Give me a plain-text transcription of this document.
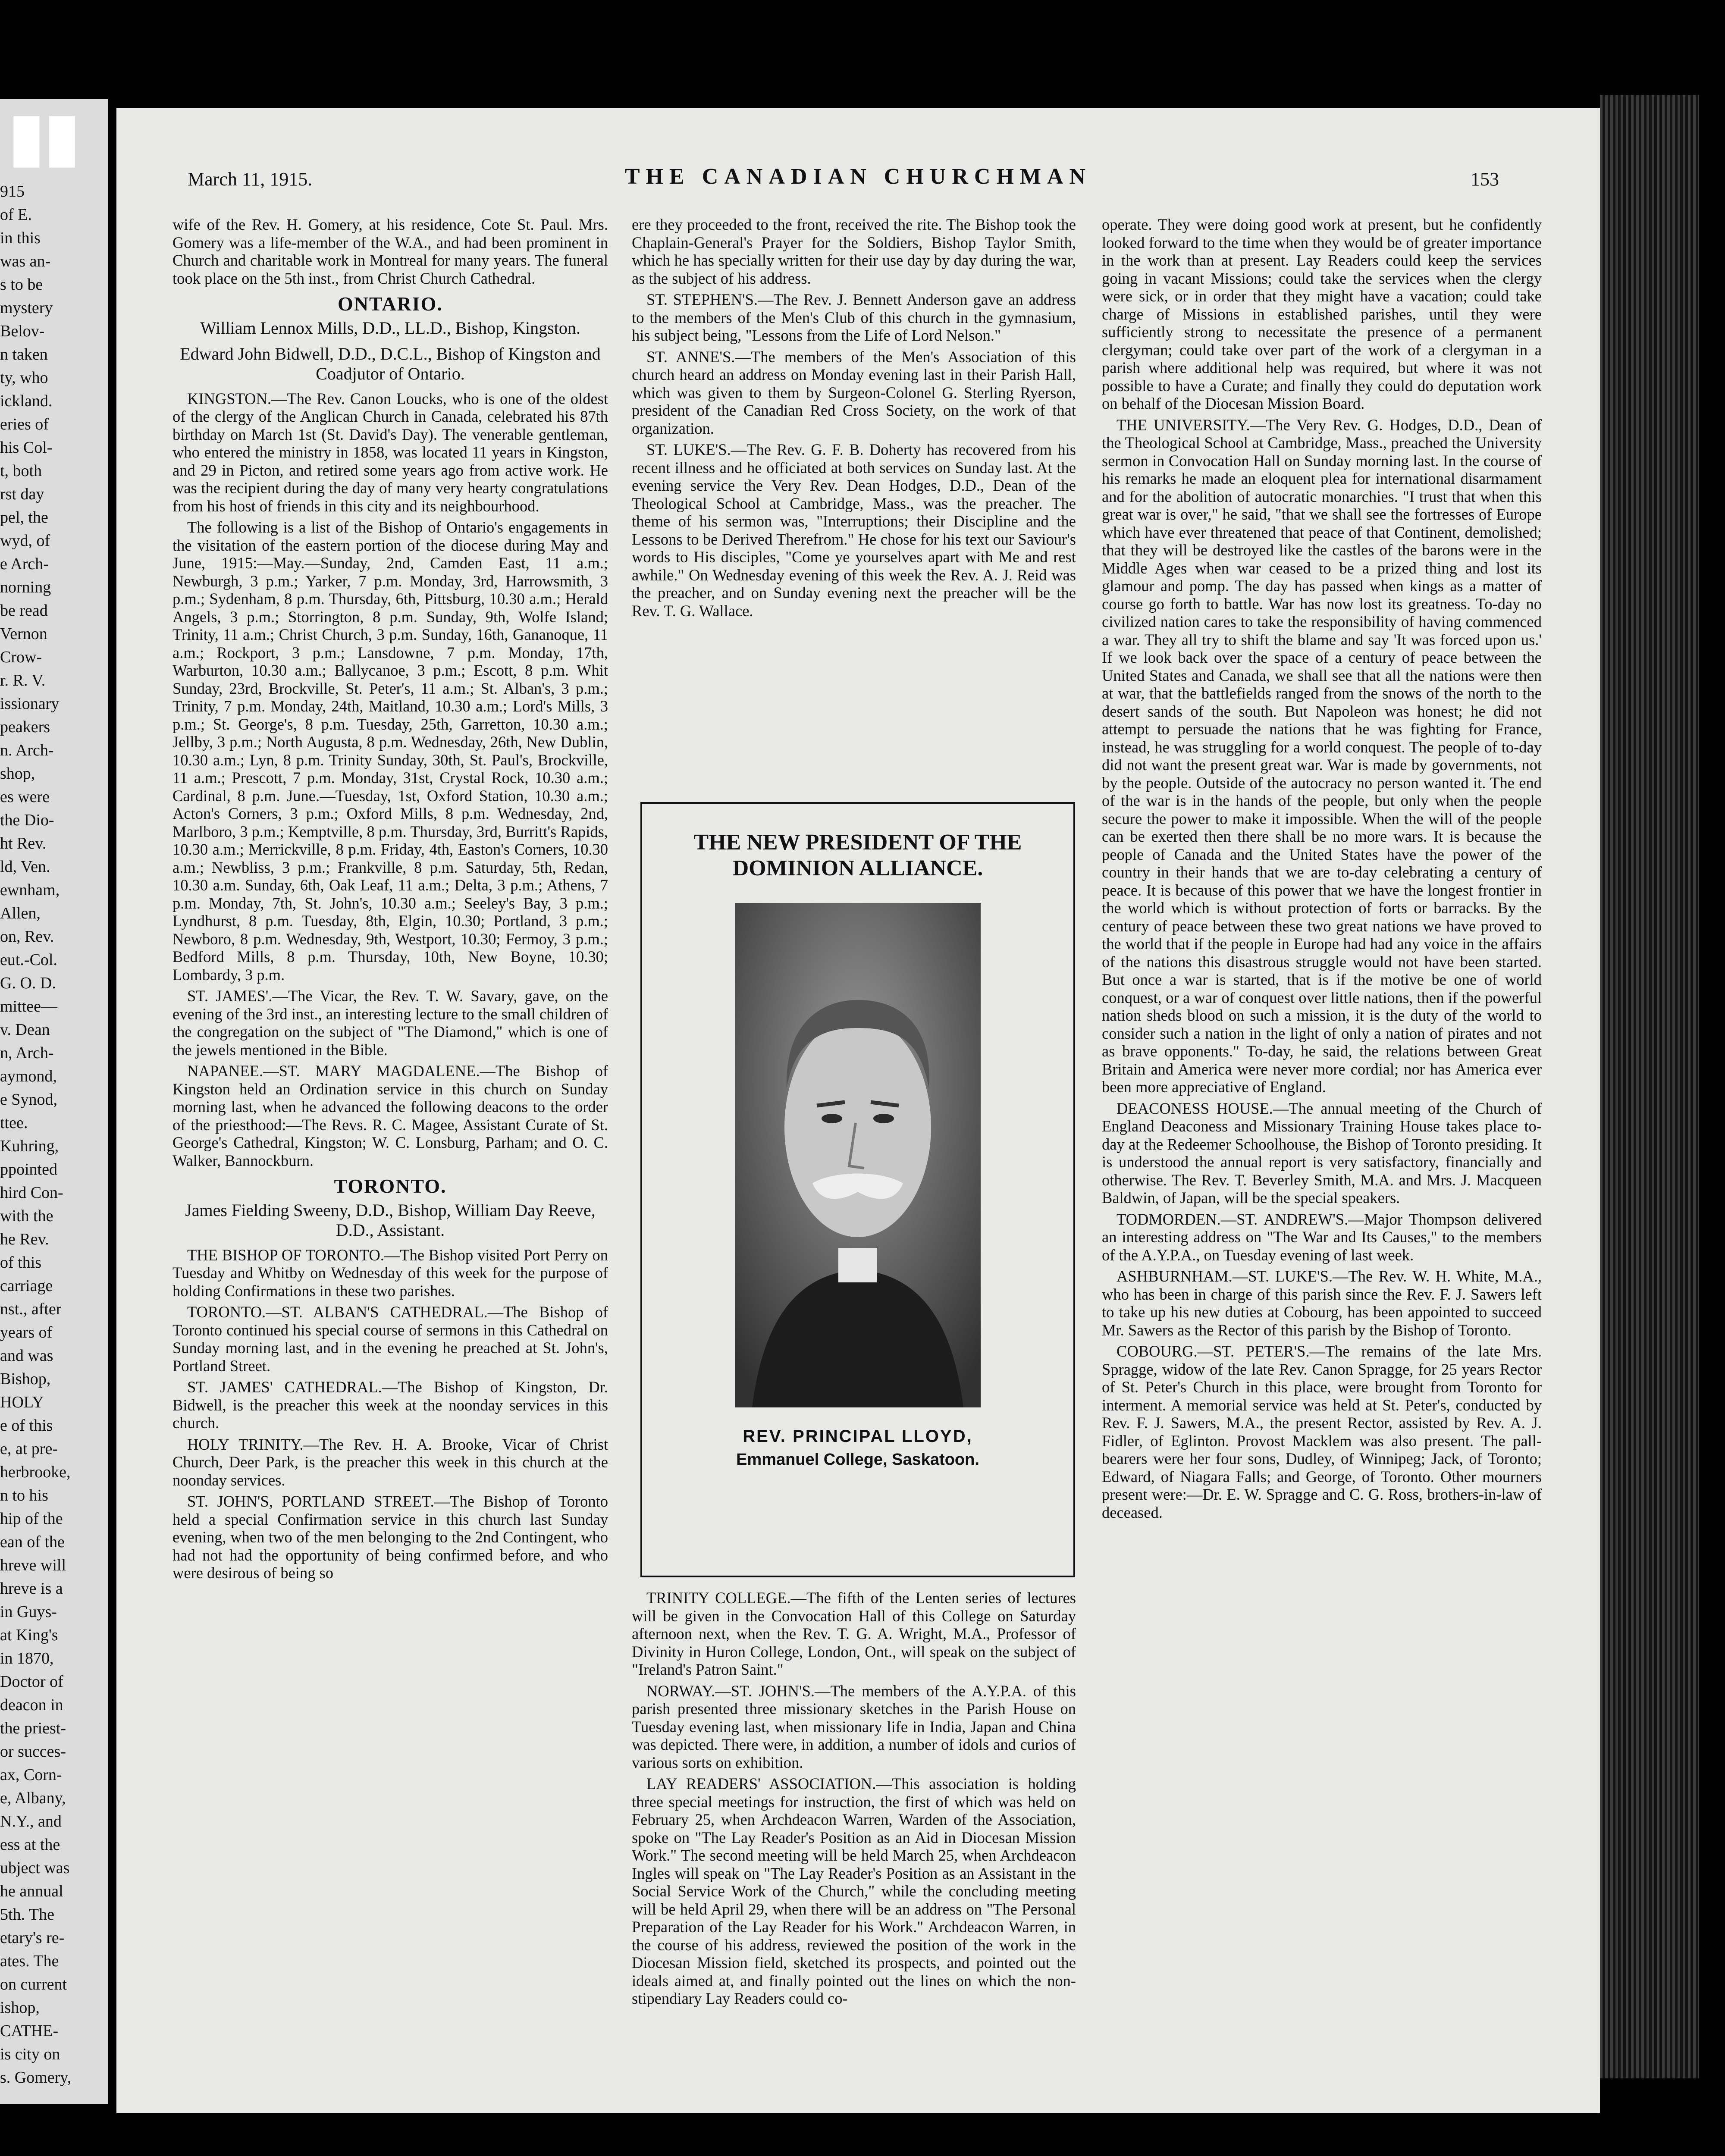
915
of E.
in this
was an-
s to be
mystery
Belov-
n taken
ty, who
ickland.
eries of
his Col-
t, both
rst day
pel, the
wyd, of
e Arch-
norning
be read
Vernon
Crow-
r. R. V.
issionary
peakers
n. Arch-
shop,
es were
the Dio-
ht Rev.
ld, Ven.
ewnham,
Allen,
on, Rev.
eut.-Col.
G. O. D.
mittee—
v. Dean
n, Arch-
aymond,
e Synod,
ttee.
Kuhring,
ppointed
hird Con-
with the
he Rev.
of this
carriage
nst., after
years of
and was
Bishop,
HOLY
e of this
e, at pre-
herbrooke,
n to his
hip of the
ean of the
hreve will
hreve is a
in Guys-
at King's
in 1870,
Doctor of
deacon in
the priest-
or succes-
ax, Corn-
e, Albany,
N.Y., and
ess at the
ubject was
he annual
5th. The
etary's re-
ates. The
on current
ishop,
CATHE-
is city on
s. Gomery,
▮▮
March 11, 1915.	THE CANADIAN CHURCHMAN	153

wife of the Rev. H. Gomery, at his residence, Cote St. Paul. Mrs. Gomery was a life-member of the W.A., and had been prominent in Church and charitable work in Montreal for many years. The funeral took place on the 5th inst., from Christ Church Cathedral.

ONTARIO.

William Lennox Mills, D.D., LL.D., Bishop, Kingston.

Edward John Bidwell, D.D., D.C.L., Bishop of Kingston and Coadjutor of Ontario.

KINGSTON.—The Rev. Canon Loucks, who is one of the oldest of the clergy of the Anglican Church in Canada, celebrated his 87th birthday on March 1st (St. David's Day). The venerable gentleman, who entered the ministry in 1858, was located 11 years in Kingston, and 29 in Picton, and retired some years ago from active work. He was the recipient during the day of many very hearty congratulations from his host of friends in this city and its neighbourhood.

The following is a list of the Bishop of Ontario's engagements in the visitation of the eastern portion of the diocese during May and June, 1915:—May.—Sunday, 2nd, Camden East, 11 a.m.; Newburgh, 3 p.m.; Yarker, 7 p.m. Monday, 3rd, Harrowsmith, 3 p.m.; Sydenham, 8 p.m. Thursday, 6th, Pittsburg, 10.30 a.m.; Herald Angels, 3 p.m.; Storrington, 8 p.m. Sunday, 9th, Wolfe Island; Trinity, 11 a.m.; Christ Church, 3 p.m. Sunday, 16th, Gananoque, 11 a.m.; Rockport, 3 p.m.; Lansdowne, 7 p.m. Monday, 17th, Warburton, 10.30 a.m.; Ballycanoe, 3 p.m.; Escott, 8 p.m. Whit Sunday, 23rd, Brockville, St. Peter's, 11 a.m.; St. Alban's, 3 p.m.; Trinity, 7 p.m. Monday, 24th, Maitland, 10.30 a.m.; Lord's Mills, 3 p.m.; St. George's, 8 p.m. Tuesday, 25th, Garretton, 10.30 a.m.; Jellby, 3 p.m.; North Augusta, 8 p.m. Wednesday, 26th, New Dublin, 10.30 a.m.; Lyn, 8 p.m. Trinity Sunday, 30th, St. Paul's, Brockville, 11 a.m.; Prescott, 7 p.m. Monday, 31st, Crystal Rock, 10.30 a.m.; Cardinal, 8 p.m. June.—Tuesday, 1st, Oxford Station, 10.30 a.m.; Acton's Corners, 3 p.m.; Oxford Mills, 8 p.m. Wednesday, 2nd, Marlboro, 3 p.m.; Kemptville, 8 p.m. Thursday, 3rd, Burritt's Rapids, 10.30 a.m.; Merrickville, 8 p.m. Friday, 4th, Easton's Corners, 10.30 a.m.; Newbliss, 3 p.m.; Frankville, 8 p.m. Saturday, 5th, Redan, 10.30 a.m. Sunday, 6th, Oak Leaf, 11 a.m.; Delta, 3 p.m.; Athens, 7 p.m. Monday, 7th, St. John's, 10.30 a.m.; Seeley's Bay, 3 p.m.; Lyndhurst, 8 p.m. Tuesday, 8th, Elgin, 10.30; Portland, 3 p.m.; Newboro, 8 p.m. Wednesday, 9th, Westport, 10.30; Fermoy, 3 p.m.; Bedford Mills, 8 p.m. Thursday, 10th, New Boyne, 10.30; Lombardy, 3 p.m.

ST. JAMES'.—The Vicar, the Rev. T. W. Savary, gave, on the evening of the 3rd inst., an interesting lecture to the small children of the congregation on the subject of "The Diamond," which is one of the jewels mentioned in the Bible.

NAPANEE.—ST. MARY MAGDALENE.—The Bishop of Kingston held an Ordination service in this church on Sunday morning last, when he advanced the following deacons to the order of the priesthood:—The Revs. R. C. Magee, Assistant Curate of St. George's Cathedral, Kingston; W. C. Lonsburg, Parham; and O. C. Walker, Bannockburn.

TORONTO.

James Fielding Sweeny, D.D., Bishop, William Day Reeve, D.D., Assistant.

THE BISHOP OF TORONTO.—The Bishop visited Port Perry on Tuesday and Whitby on Wednesday of this week for the purpose of holding Confirmations in these two parishes.

TORONTO.—ST. ALBAN'S CATHEDRAL.—The Bishop of Toronto continued his special course of sermons in this Cathedral on Sunday morning last, and in the evening he preached at St. John's, Portland Street.

ST. JAMES' CATHEDRAL.—The Bishop of Kingston, Dr. Bidwell, is the preacher this week at the noonday services in this church.

HOLY TRINITY.—The Rev. H. A. Brooke, Vicar of Christ Church, Deer Park, is the preacher this week in this church at the noonday services.

ST. JOHN'S, PORTLAND STREET.—The Bishop of Toronto held a special Confirmation service in this church last Sunday evening, when two of the men belonging to the 2nd Contingent, who had not had the opportunity of being confirmed before, and who were desirous of being so

ere they proceeded to the front, received the rite. The Bishop took the Chaplain-General's Prayer for the Soldiers, Bishop Taylor Smith, which he has specially written for their use day by day during the war, as the subject of his address.

ST. STEPHEN'S.—The Rev. J. Bennett Anderson gave an address to the members of the Men's Club of this church in the gymnasium, his subject being, "Lessons from the Life of Lord Nelson."

ST. ANNE'S.—The members of the Men's Association of this church heard an address on Monday evening last in their Parish Hall, which was given to them by Surgeon-Colonel G. Sterling Ryerson, president of the Canadian Red Cross Society, on the work of that organization.

ST. LUKE'S.—The Rev. G. F. B. Doherty has recovered from his recent illness and he officiated at both services on Sunday last. At the evening service the Very Rev. Dean Hodges, D.D., Dean of the Theological School at Cambridge, Mass., was the preacher. The theme of his sermon was, "Interruptions; their Discipline and the Lessons to be Derived Therefrom." He chose for his text our Saviour's words to His disciples, "Come ye yourselves apart with Me and rest awhile." On Wednesday evening of this week the Rev. A. J. Reid was the preacher, and on Sunday evening next the preacher will be the Rev. T. G. Wallace.

THE NEW PRESIDENT OF THE DOMINION ALLIANCE.
REV. PRINCIPAL LLOYD,
Emmanuel College, Saskatoon.

TRINITY COLLEGE.—The fifth of the Lenten series of lectures will be given in the Convocation Hall of this College on Saturday afternoon next, when the Rev. T. G. A. Wright, M.A., Professor of Divinity in Huron College, London, Ont., will speak on the subject of "Ireland's Patron Saint."

NORWAY.—ST. JOHN'S.—The members of the A.Y.P.A. of this parish presented three missionary sketches in the Parish House on Tuesday evening last, when missionary life in India, Japan and China was depicted. There were, in addition, a number of idols and curios of various sorts on exhibition.

LAY READERS' ASSOCIATION.—This association is holding three special meetings for instruction, the first of which was held on February 25, when Archdeacon Warren, Warden of the Association, spoke on "The Lay Reader's Position as an Aid in Diocesan Mission Work." The second meeting will be held March 25, when Archdeacon Ingles will speak on "The Lay Reader's Position as an Assistant in the Social Service Work of the Church," while the concluding meeting will be held April 29, when there will be an address on "The Personal Preparation of the Lay Reader for his Work." Archdeacon Warren, in the course of his address, reviewed the position of the work in the Diocesan Mission field, sketched its prospects, and pointed out the ideals aimed at, and finally pointed out the lines on which the non-stipendiary Lay Readers could co-

operate. They were doing good work at present, but he confidently looked forward to the time when they would be of greater importance in the work than at present. Lay Readers could keep the services going in vacant Missions; could take the services when the clergy were sick, or in order that they might have a vacation; could take charge of Missions in established parishes, until they were sufficiently strong to necessitate the presence of a permanent clergyman; could take over part of the work of a clergyman in a parish where additional help was required, but where it was not possible to have a Curate; and finally they could do deputation work on behalf of the Diocesan Mission Board.

THE UNIVERSITY.—The Very Rev. G. Hodges, D.D., Dean of the Theological School at Cambridge, Mass., preached the University sermon in Convocation Hall on Sunday morning last. In the course of his remarks he made an eloquent plea for international disarmament and for the abolition of autocratic monarchies. "I trust that when this great war is over," he said, "that we shall see the fortresses of Europe which have ever threatened that peace of that Continent, demolished; that they will be destroyed like the castles of the barons were in the Middle Ages when war ceased to be a prized thing and lost its glamour and pomp. The day has passed when kings as a matter of course go forth to battle. War has now lost its greatness. To-day no civilized nation cares to take the responsibility of having commenced a war. They all try to shift the blame and say 'It was forced upon us.' If we look back over the space of a century of peace between the United States and Canada, we shall see that all the nations were then at war, that the battlefields ranged from the snows of the north to the desert sands of the south. But Napoleon was honest; he did not attempt to persuade the nations that he was fighting for France, instead, he was struggling for a world conquest. The people of to-day did not want the present great war. War is made by governments, not by the people. Outside of the autocracy no person wanted it. The end of the war is in the hands of the people, but only when the people secure the power to make it impossible. When the will of the people can be exerted then there shall be no more wars. It is because the people of Canada and the United States have the power of the country in their hands that we are to-day celebrating a century of peace. It is because of this power that we have the longest frontier in the world which is without protection of forts or barracks. By the century of peace between these two great nations we have proved to the world that if the people in Europe had had any voice in the affairs of the nations this disastrous struggle would not have been started. But once a war is started, that is if the motive be one of world conquest, or a war of conquest over little nations, then if the powerful nation sheds blood on such a mission, it is the duty of the world to consider such a nation in the light of only a nation of pirates and not as brave opponents." To-day, he said, the relations between Great Britain and America were never more cordial; nor has America ever been more appreciative of England.

DEACONESS HOUSE.—The annual meeting of the Church of England Deaconess and Missionary Training House takes place to-day at the Redeemer Schoolhouse, the Bishop of Toronto presiding. It is understood the annual report is very satisfactory, financially and otherwise. The Rev. T. Beverley Smith, M.A. and Mrs. J. Macqueen Baldwin, of Japan, will be the special speakers.

TODMORDEN.—ST. ANDREW'S.—Major Thompson delivered an interesting address on "The War and Its Causes," to the members of the A.Y.P.A., on Tuesday evening of last week.

ASHBURNHAM.—ST. LUKE'S.—The Rev. W. H. White, M.A., who has been in charge of this parish since the Rev. F. J. Sawers left to take up his new duties at Cobourg, has been appointed to succeed Mr. Sawers as the Rector of this parish by the Bishop of Toronto.

COBOURG.—ST. PETER'S.—The remains of the late Mrs. Spragge, widow of the late Rev. Canon Spragge, for 25 years Rector of St. Peter's Church in this place, were brought from Toronto for interment. A memorial service was held at St. Peter's, conducted by Rev. F. J. Sawers, M.A., the present Rector, assisted by Rev. A. J. Fidler, of Eglinton. Provost Macklem was also present. The pall-bearers were her four sons, Dudley, of Winnipeg; Jack, of Toronto; Edward, of Niagara Falls; and George, of Toronto. Other mourners present were:—Dr. E. W. Spragge and C. G. Ross, brothers-in-law of deceased.
